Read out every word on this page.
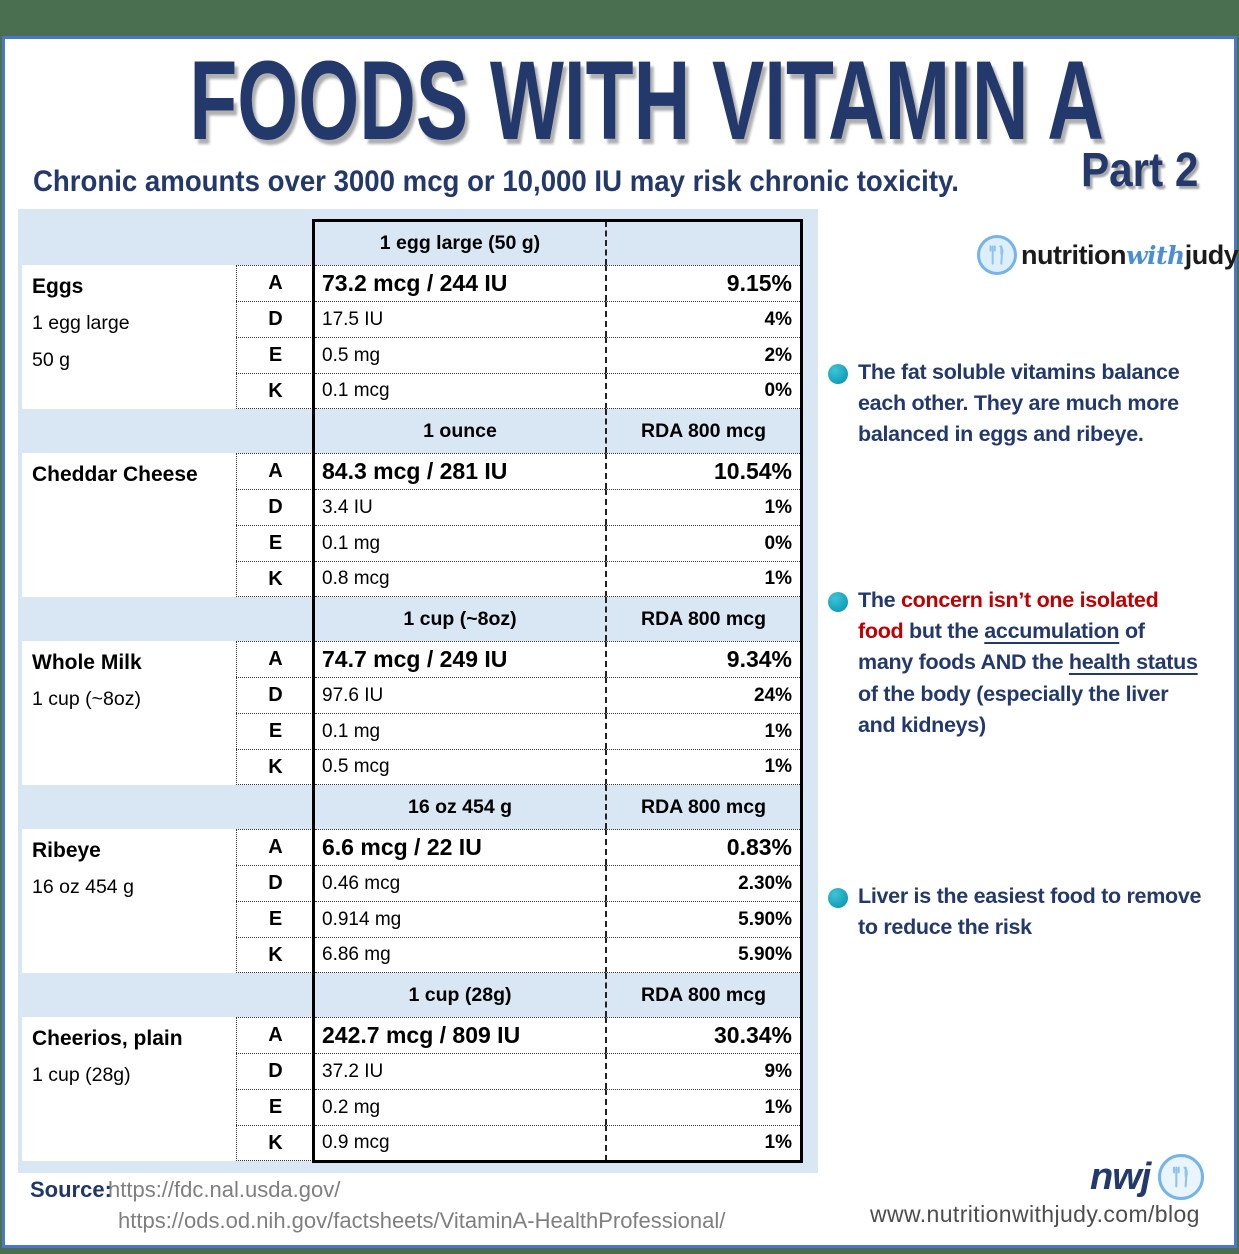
FOODS WITH VITAMIN A
Chronic amounts over 3000 mcg or 10,000 IU may risk chronic toxicity.	Part 2
nutritionwithjudy
1 egg large (50 g)
Eggs
1 egg large
50 g
A	73.2 mcg / 244 IU	9.15%
D	17.5 IU	4%
E	0.5 mg	2%
K	0.1 mcg	0%
1 ounce	RDA 800 mcg
Cheddar Cheese	A	84.3 mcg / 281 IU	10.54%
D	3.4 IU	1%
E	0.1 mg	0%
K	0.8 mcg	1%
1 cup (~8oz)	RDA 800 mcg
Whole Milk
1 cup (~8oz)
A	74.7 mcg / 249 IU	9.34%
D	97.6 IU	24%
E	0.1 mg	1%
K	0.5 mcg	1%
16 oz 454 g	RDA 800 mcg
Ribeye
16 oz 454 g
A	6.6 mcg / 22 IU	0.83%
D	0.46 mcg	2.30%
E	0.914 mg	5.90%
K	6.86 mg	5.90%
1 cup (28g)	RDA 800 mcg
Cheerios, plain
1 cup (28g)
A	242.7 mcg / 809 IU	30.34%
D	37.2 IU	9%
E	0.2 mg	1%
K	0.9 mcg	1%
The fat soluble vitamins balance each other. They are much more balanced in eggs and ribeye.
The concern isn’t one isolated food but the accumulation of many foods AND the health status of the body (especially the liver and kidneys)
Liver is the easiest food to remove to reduce the risk
Source:
https://fdc.nal.usda.gov/
https://ods.od.nih.gov/factsheets/VitaminA-HealthProfessional/
nwj
www.nutritionwithjudy.com/blog
